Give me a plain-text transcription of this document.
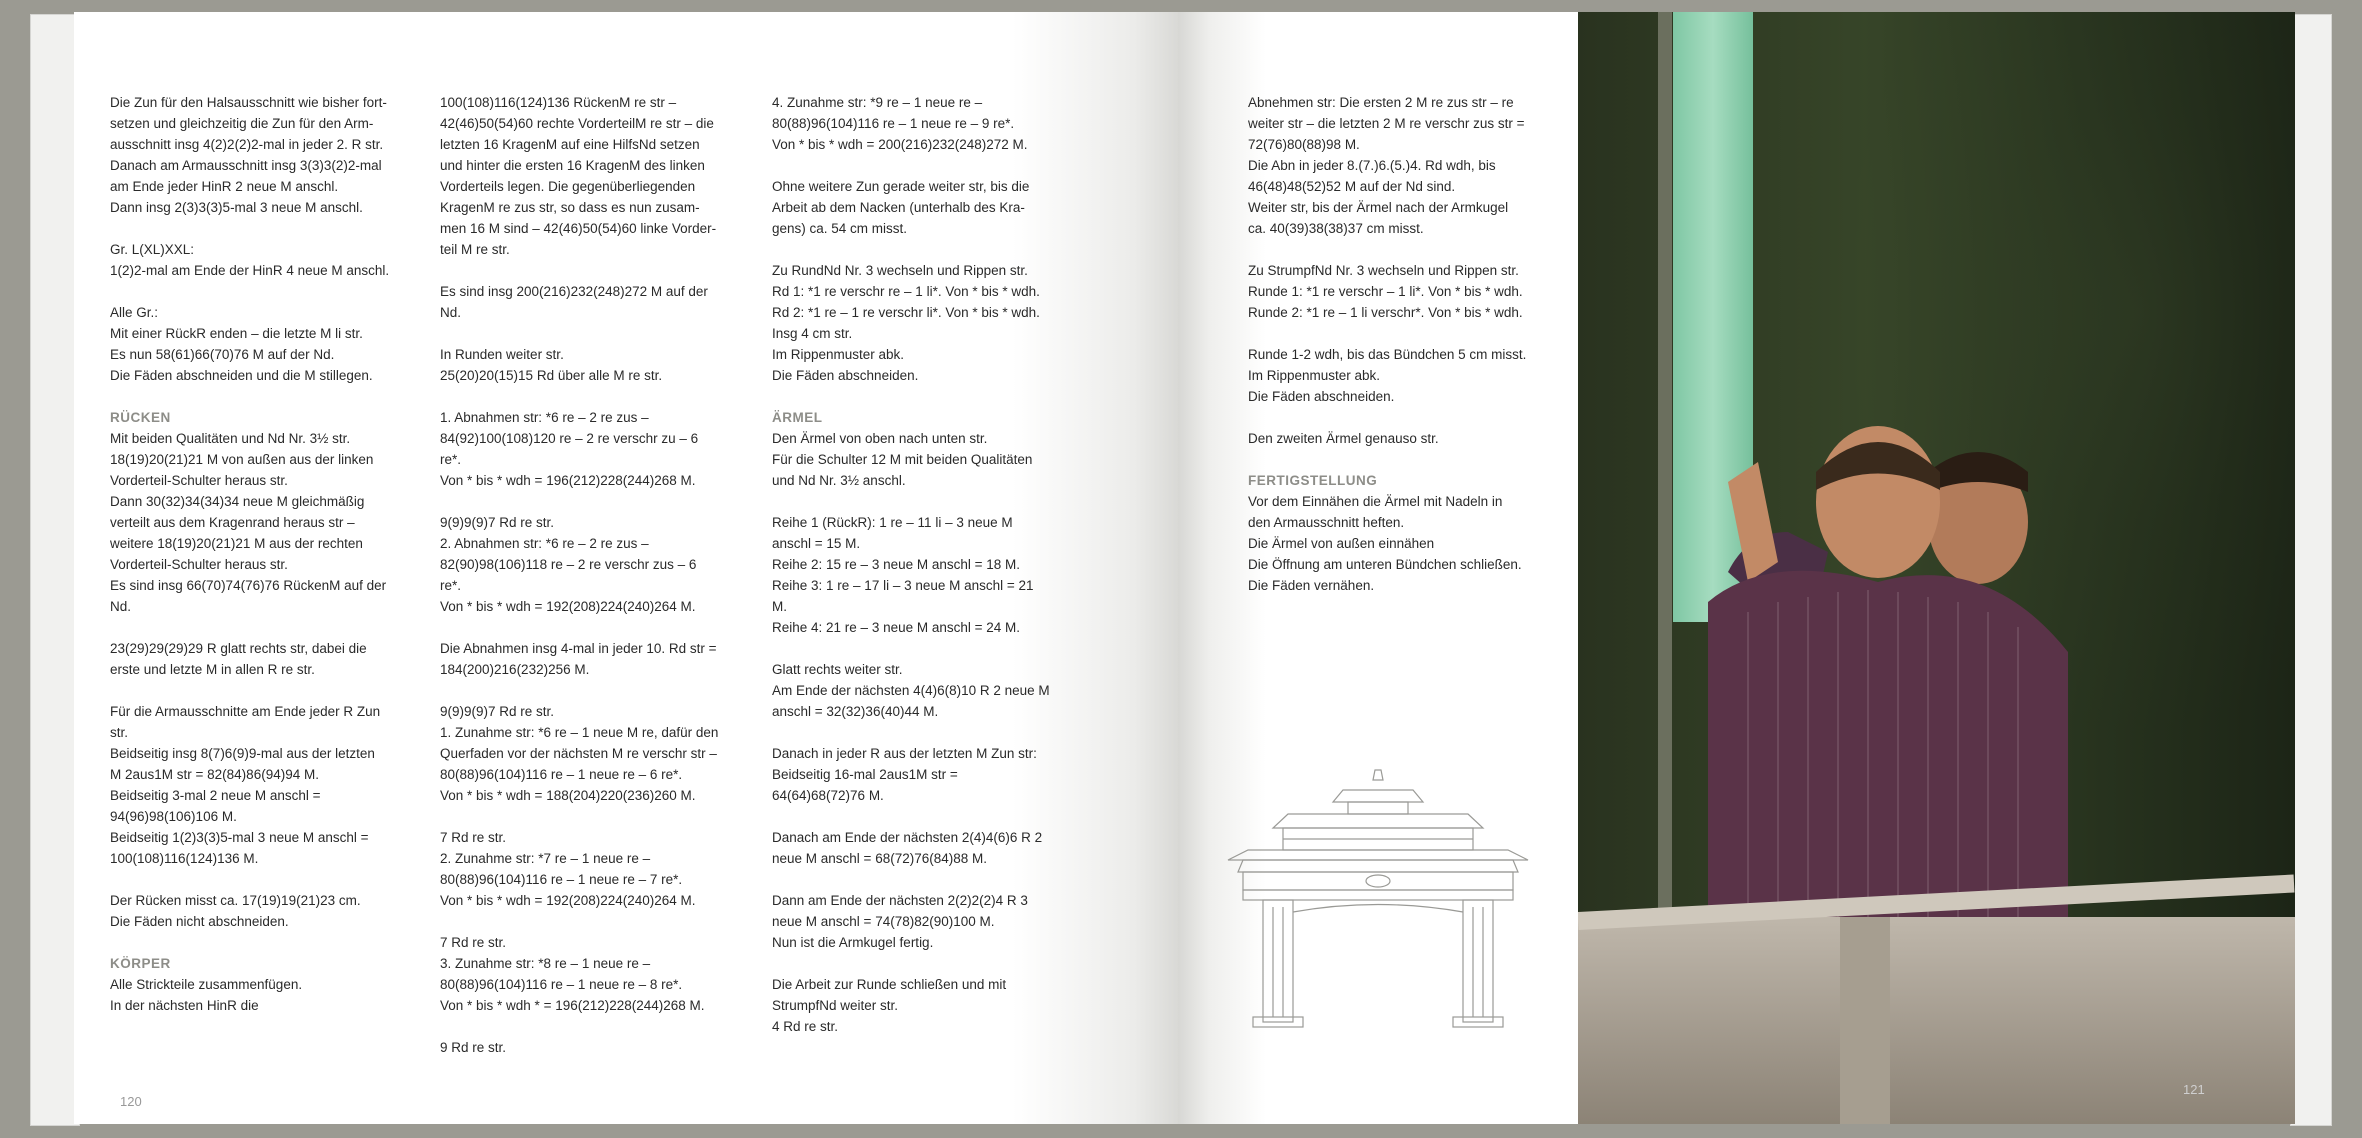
Die Zun für den Halsausschnitt wie bisher fort-
setzen und gleichzeitig die Zun für den Arm-
ausschnitt insg 4(2)2(2)2-mal in jeder 2. R str.
Danach am Armausschnitt insg 3(3)3(2)2-mal
am Ende jeder HinR 2 neue M anschl.
Dann insg 2(3)3(3)5-mal 3 neue M anschl.

Gr. L(XL)XXL:
1(2)2-mal am Ende der HinR 4 neue M anschl.

Alle Gr.:
Mit einer RückR enden – die letzte M li str.
Es nun 58(61)66(70)76 M auf der Nd.
Die Fäden abschneiden und die M stillegen.

RÜCKEN

Mit beiden Qualitäten und Nd Nr. 3½ str.
18(19)20(21)21 M von außen aus der linken
Vorderteil-Schulter heraus str.
Dann 30(32)34(34)34 neue M gleichmäßig
verteilt aus dem Kragenrand heraus str –
weitere 18(19)20(21)21 M aus der rechten
Vorderteil-Schulter heraus str.
Es sind insg 66(70)74(76)76 RückenM auf der
Nd.

23(29)29(29)29 R glatt rechts str, dabei die
erste und letzte M in allen R re str.

Für die Armausschnitte am Ende jeder R Zun
str.
Beidseitig insg 8(7)6(9)9-mal aus der letzten
M 2aus1M str = 82(84)86(94)94 M.
Beidseitig 3-mal 2 neue M anschl =
94(96)98(106)106 M.
Beidseitig 1(2)3(3)5-mal 3 neue M anschl =
100(108)116(124)136 M.

Der Rücken misst ca. 17(19)19(21)23 cm.
Die Fäden nicht abschneiden.

KÖRPER

Alle Strickteile zusammenfügen.
In der nächsten HinR die

100(108)116(124)136 RückenM re str –
42(46)50(54)60 rechte VorderteilM re str – die
letzten 16 KragenM auf eine HilfsNd setzen
und hinter die ersten 16 KragenM des linken
Vorderteils legen. Die gegenüberliegenden
KragenM re zus str, so dass es nun zusam-
men 16 M sind – 42(46)50(54)60 linke Vorder-
teil M re str.

Es sind insg 200(216)232(248)272 M auf der
Nd.

In Runden weiter str.
25(20)20(15)15 Rd über alle M re str.

1. Abnahmen str: *6 re – 2 re zus –
84(92)100(108)120 re – 2 re verschr zu – 6
re*.
Von * bis * wdh = 196(212)228(244)268 M.

9(9)9(9)7 Rd re str.
2. Abnahmen str: *6 re – 2 re zus –
82(90)98(106)118 re – 2 re verschr zus – 6
re*.
Von * bis * wdh = 192(208)224(240)264 M.

Die Abnahmen insg 4-mal in jeder 10. Rd str =
184(200)216(232)256 M.

9(9)9(9)7 Rd re str.
1. Zunahme str: *6 re – 1 neue M re, dafür den
Querfaden vor der nächsten M re verschr str –
80(88)96(104)116 re – 1 neue re – 6 re*.
Von * bis * wdh = 188(204)220(236)260 M.

7 Rd re str.
2. Zunahme str: *7 re – 1 neue re –
80(88)96(104)116 re – 1 neue re – 7 re*.
Von * bis * wdh = 192(208)224(240)264 M.

7 Rd re str.
3. Zunahme str: *8 re – 1 neue re –
80(88)96(104)116 re – 1 neue re – 8 re*.
Von * bis * wdh * = 196(212)228(244)268 M.

9 Rd re str.

4. Zunahme str: *9 re – 1 neue re –
80(88)96(104)116 re – 1 neue re – 9 re*.
Von * bis * wdh = 200(216)232(248)272 M.

Ohne weitere Zun gerade weiter str, bis die
Arbeit ab dem Nacken (unterhalb des Kra-
gens) ca. 54 cm misst.

Zu RundNd Nr. 3 wechseln und Rippen str.
Rd 1: *1 re verschr re – 1 li*. Von * bis * wdh.
Rd 2: *1 re – 1 re verschr li*. Von * bis * wdh.
Insg 4 cm str.
Im Rippenmuster abk.
Die Fäden abschneiden.

ÄRMEL

Den Ärmel von oben nach unten str.
Für die Schulter 12 M mit beiden Qualitäten
und Nd Nr. 3½ anschl.

Reihe 1 (RückR): 1 re – 11 li – 3 neue M
anschl = 15 M.
Reihe 2: 15 re – 3 neue M anschl = 18 M.
Reihe 3: 1 re – 17 li – 3 neue M anschl = 21
M.
Reihe 4: 21 re – 3 neue M anschl = 24 M.

Glatt rechts weiter str.
Am Ende der nächsten 4(4)6(8)10 R 2 neue M
anschl = 32(32)36(40)44 M.

Danach in jeder R aus der letzten M Zun str:
Beidseitig 16-mal 2aus1M str =
64(64)68(72)76 M.

Danach am Ende der nächsten 2(4)4(6)6 R 2
neue M anschl = 68(72)76(84)88 M.

Dann am Ende der nächsten 2(2)2(2)4 R 3
neue M anschl = 74(78)82(90)100 M.
Nun ist die Armkugel fertig.

Die Arbeit zur Runde schließen und mit
StrumpfNd weiter str.
4 Rd re str.

120

Abnehmen str: Die ersten 2 M re zus str – re
weiter str – die letzten 2 M re verschr zus str =
72(76)80(88)98 M.
Die Abn in jeder 8.(7.)6.(5.)4. Rd wdh, bis
46(48)48(52)52 M auf der Nd sind.
Weiter str, bis der Ärmel nach der Armkugel
ca. 40(39)38(38)37 cm misst.

Zu StrumpfNd Nr. 3 wechseln und Rippen str.
Runde 1: *1 re verschr – 1 li*. Von * bis * wdh.
Runde 2: *1 re – 1 li verschr*. Von * bis * wdh.

Runde 1-2 wdh, bis das Bündchen 5 cm misst.
Im Rippenmuster abk.
Die Fäden abschneiden.

Den zweiten Ärmel genauso str.

FERTIGSTELLUNG

Vor dem Einnähen die Ärmel mit Nadeln in
den Armausschnitt heften.
Die Ärmel von außen einnähen
Die Öffnung am unteren Bündchen schließen.
Die Fäden vernähen.

121
